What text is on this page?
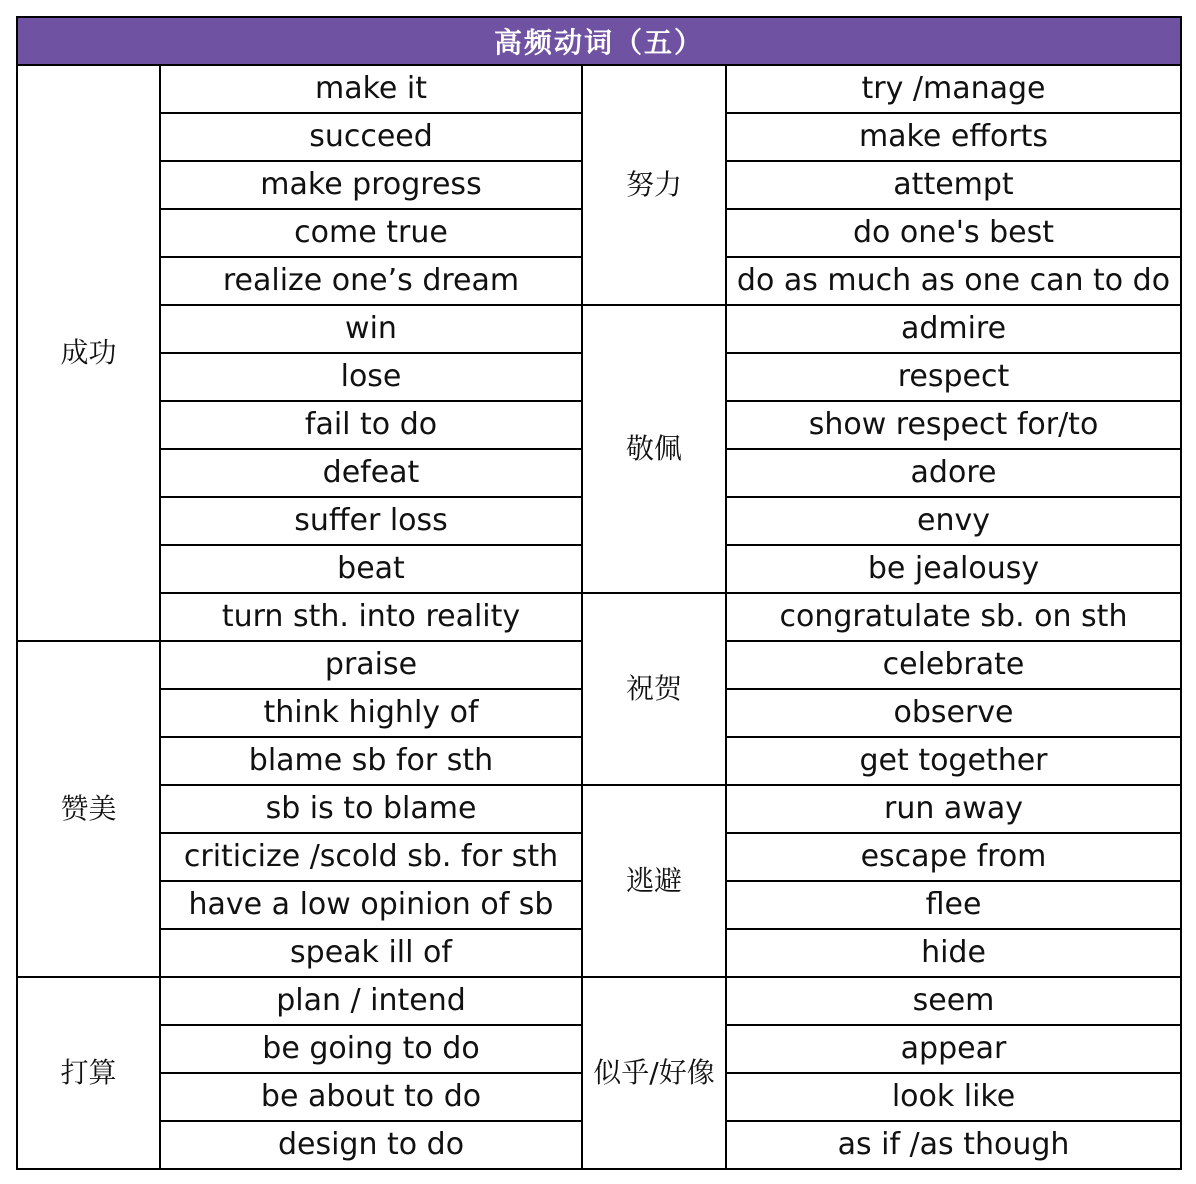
高频动词（五）			
成功	make it	努力	try /manage
	succeed		make efforts
	make progress		attempt
	come true		do one's best
	realize one’s dream		do as much as one can to do
	win	敬佩	admire
	lose		respect
	fail to do		show respect for/to
	defeat		adore
	suffer loss		envy
	beat		be jealousy
	turn sth. into reality	祝贺	congratulate sb. on sth
赞美	praise		celebrate
	think highly of		observe
	blame sb for sth		get together
	sb is to blame	逃避	run away
	criticize /scold sb. for sth		escape from
	have a low opinion of sb		flee
	speak ill of		hide
打算	plan / intend	似乎/好像	seem
	be going to do		appear
	be about to do		look like
	design to do		as if /as though
